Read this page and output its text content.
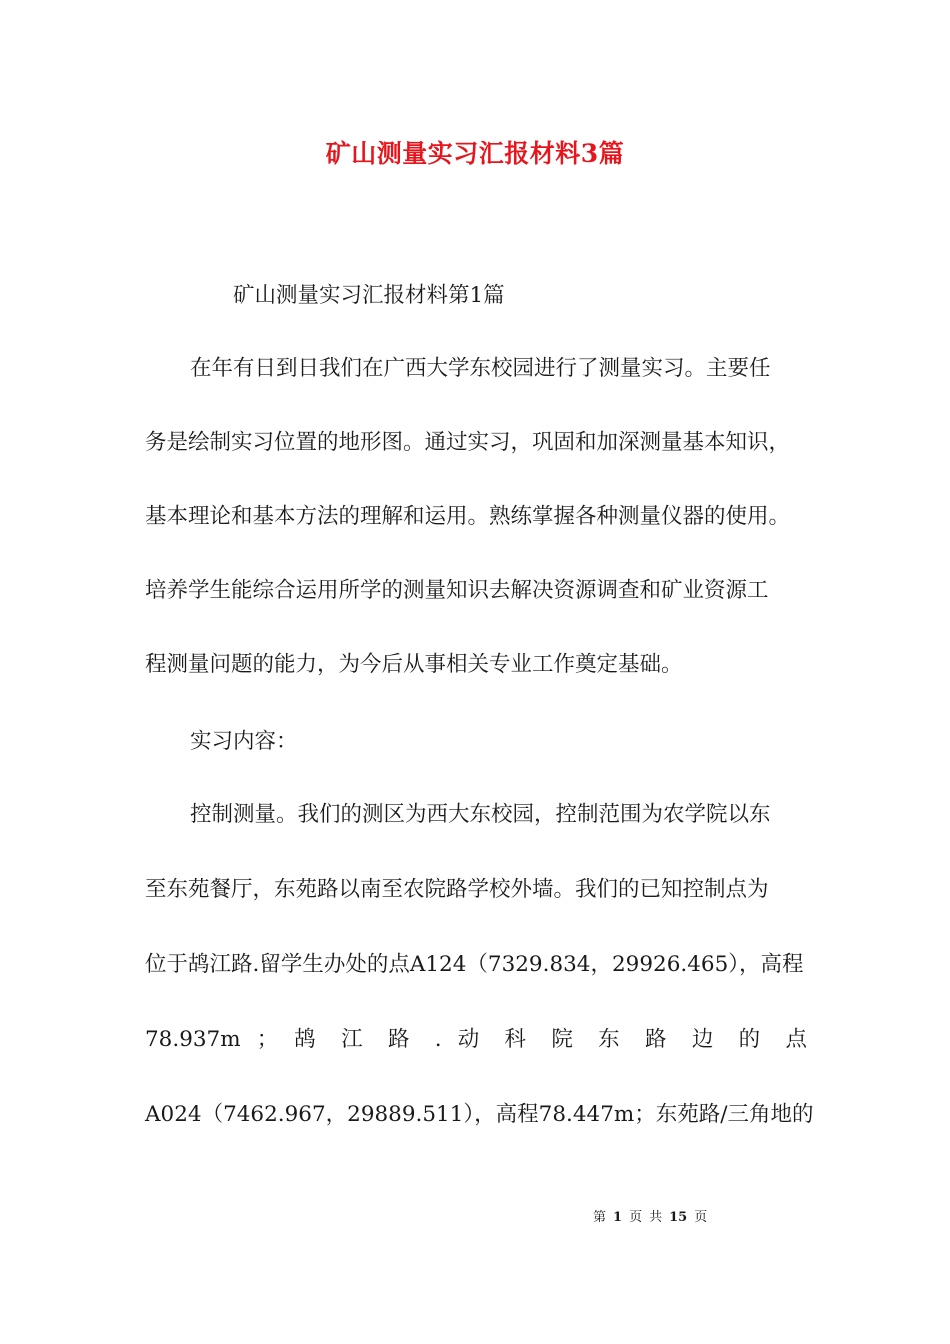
矿山测量实习汇报材料3篇
矿山测量实习汇报材料第1篇
在年有日到日我们在广西大学东校园进行了测量实习。主要任
务是绘制实习位置的地形图。通过实习，巩固和加深测量基本知识，
基本理论和基本方法的理解和运用。熟练掌握各种测量仪器的使用。
培养学生能综合运用所学的测量知识去解决资源调查和矿业资源工
程测量问题的能力，为今后从事相关专业工作奠定基础。
实习内容：
控制测量。我们的测区为西大东校园，控制范围为农学院以东
至东苑餐厅，东苑路以南至农院路学校外墙。我们的已知控制点为
位于鸪江路.留学生办处的点A124（7329.834，29926.465），高程
78.937m ； 鸪 江 路 . 动 科 院 东 路 边 的 点
A024（7462.967，29889.511），高程78.447m；东苑路/三角地的
第 1 页 共 15 页
